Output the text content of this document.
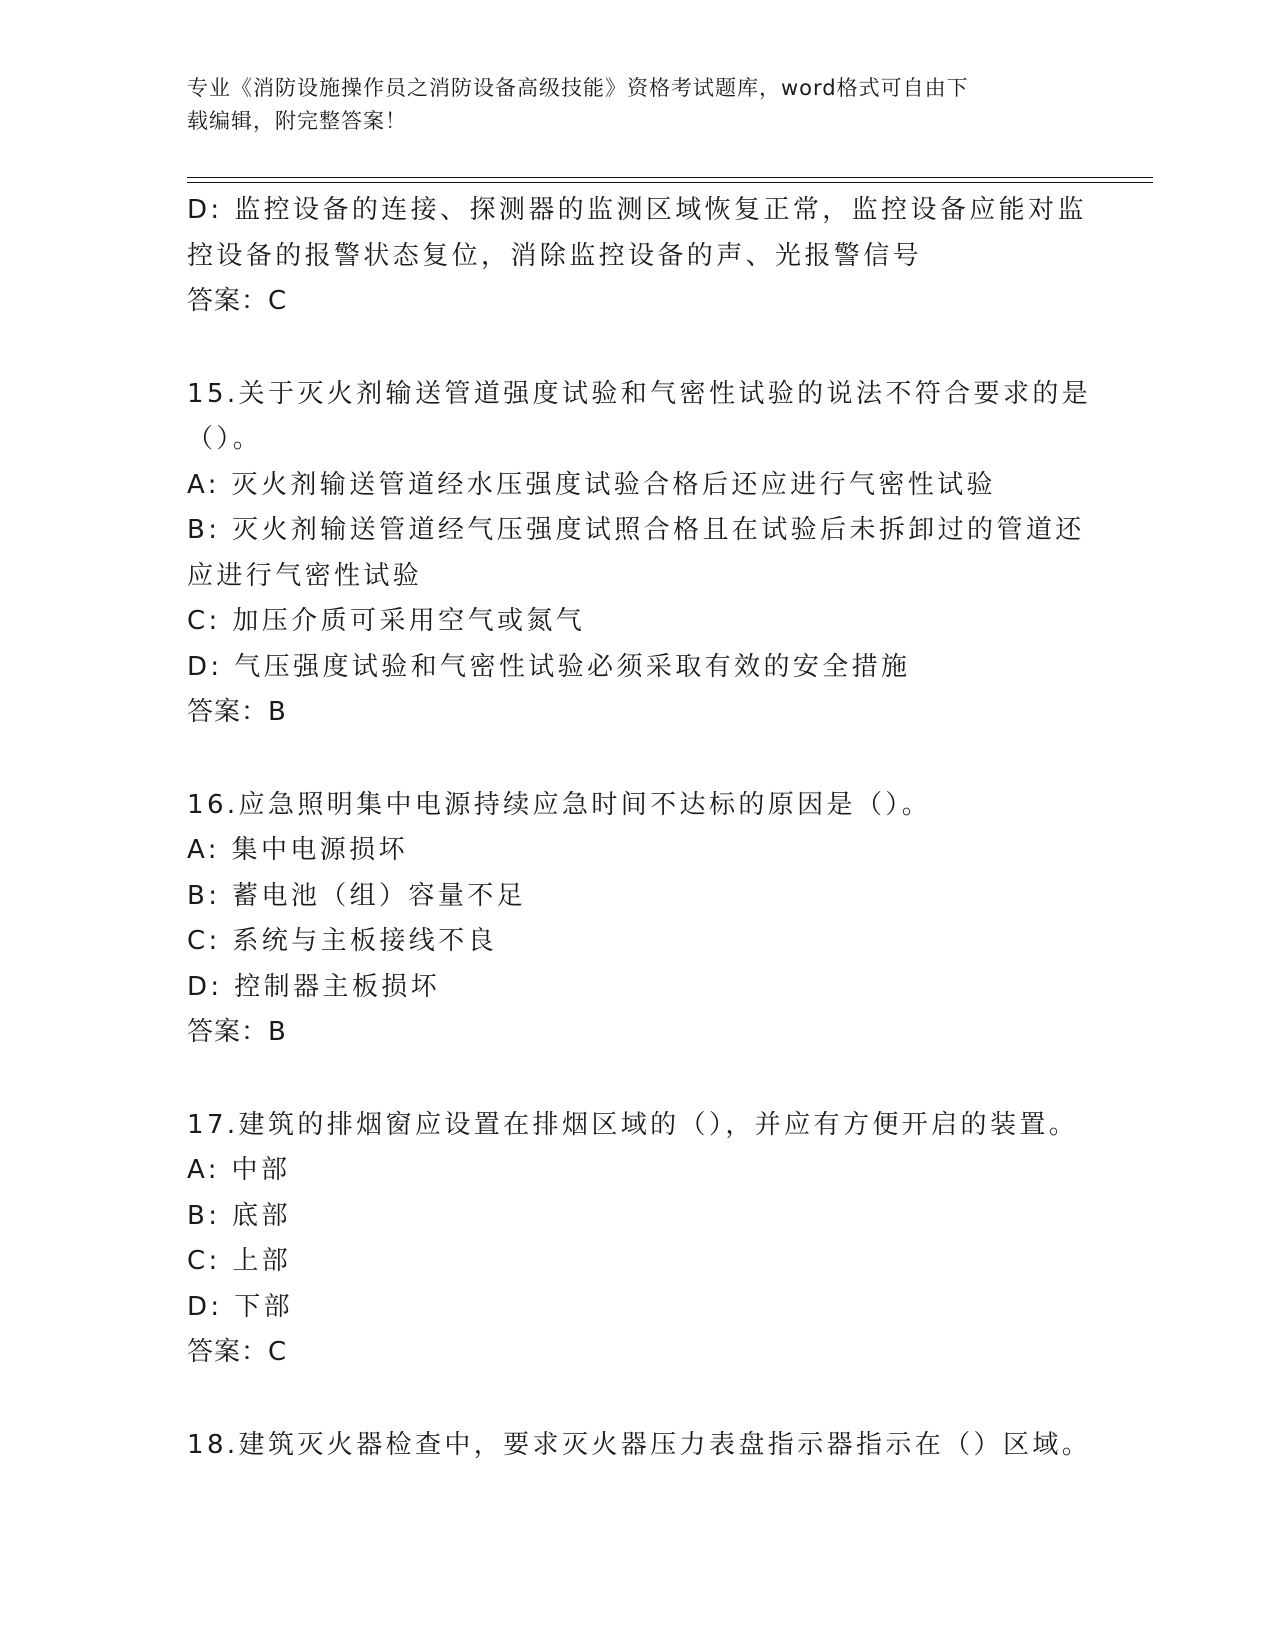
专业《消防设施操作员之消防设备高级技能》资格考试题库，word格式可自由下
载编辑，附完整答案！
D: 监控设备的连接、探测器的监测区域恢复正常，监控设备应能对监
控设备的报警状态复位，消除监控设备的声、光报警信号
答案：C
15.关于灭火剂输送管道强度试验和气密性试验的说法不符合要求的是
（）。
A: 灭火剂输送管道经水压强度试验合格后还应进行气密性试验
B: 灭火剂输送管道经气压强度试照合格且在试验后未拆卸过的管道还
应进行气密性试验
C: 加压介质可采用空气或氮气
D: 气压强度试验和气密性试验必须采取有效的安全措施
答案：B
16.应急照明集中电源持续应急时间不达标的原因是（）。
A: 集中电源损坏
B: 蓄电池（组）容量不足
C: 系统与主板接线不良
D: 控制器主板损坏
答案：B
17.建筑的排烟窗应设置在排烟区域的（），并应有方便开启的装置。
A: 中部
B: 底部
C: 上部
D: 下部
答案：C
18.建筑灭火器检查中，要求灭火器压力表盘指示器指示在（）区域。
